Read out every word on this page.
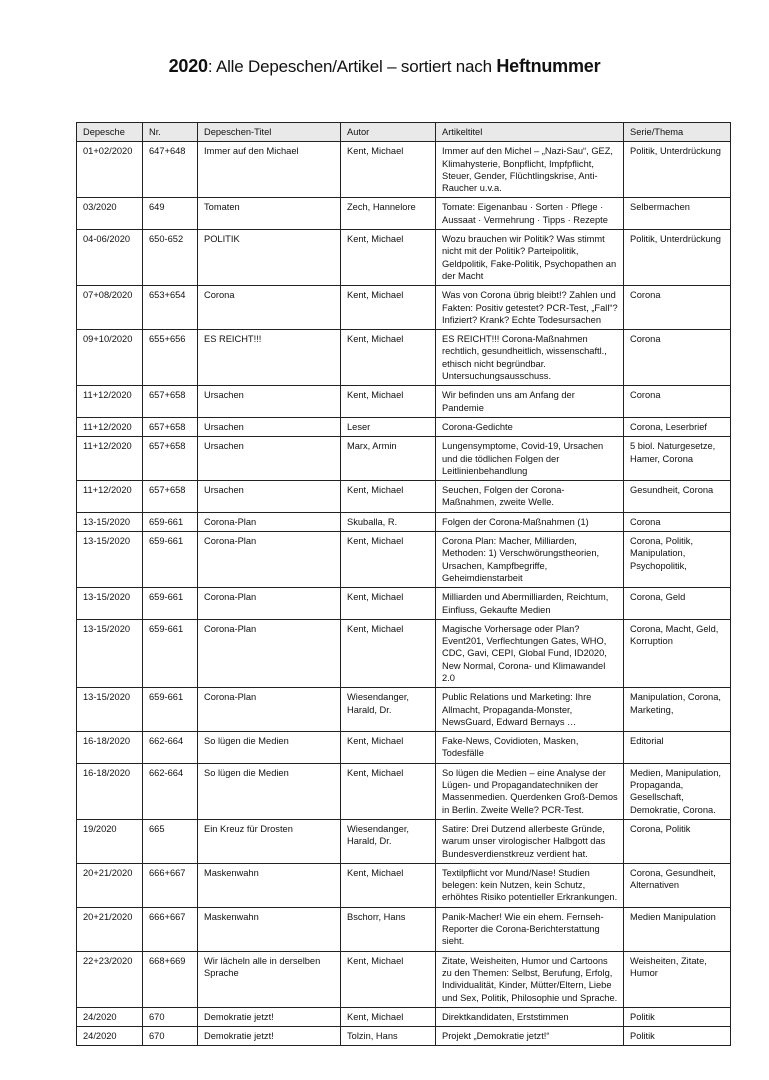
2020: Alle Depeschen/Artikel – sortiert nach Heftnummer
Depesche	Nr.	Depeschen-Titel	Autor	Artikeltitel	Serie/Thema
01+02/2020	647+648	Immer auf den Michael	Kent, Michael	Immer auf den Michel – „Nazi-Sau“, GEZ, Klimahysterie, Bonpflicht, Impfpflicht, Steuer, Gender, Flüchtlingskrise, Anti-Raucher u.v.a.	Politik, Unterdrückung
03/2020	649	Tomaten	Zech, Hannelore	Tomate: Eigenanbau · Sorten · Pflege · Aussaat · Vermehrung · Tipps · Rezepte	Selbermachen
04-06/2020	650-652	POLITIK	Kent, Michael	Wozu brauchen wir Politik? Was stimmt nicht mit der Politik? Parteipolitik, Geldpolitik, Fake-Politik, Psychopathen an der Macht	Politik, Unterdrückung
07+08/2020	653+654	Corona	Kent, Michael	Was von Corona übrig bleibt!? Zahlen und Fakten: Positiv getestet? PCR-Test, „Fall“? Infiziert? Krank? Echte Todesursachen	Corona
09+10/2020	655+656	ES REICHT!!!	Kent, Michael	ES REICHT!!! Corona-Maßnahmen rechtlich, gesundheitlich, wissenschaftl., ethisch nicht begründbar. Untersuchungsausschuss.	Corona
11+12/2020	657+658	Ursachen	Kent, Michael	Wir befinden uns am Anfang der Pandemie	Corona
11+12/2020	657+658	Ursachen	Leser	Corona-Gedichte	Corona, Leserbrief
11+12/2020	657+658	Ursachen	Marx, Armin	Lungensymptome, Covid-19, Ursachen und die tödlichen Folgen der Leitlinienbehandlung	5 biol. Naturgesetze, Hamer, Corona
11+12/2020	657+658	Ursachen	Kent, Michael	Seuchen, Folgen der Corona-Maßnahmen, zweite Welle.	Gesundheit, Corona
13-15/2020	659-661	Corona-Plan	Skuballa, R.	Folgen der Corona-Maßnahmen (1)	Corona
13-15/2020	659-661	Corona-Plan	Kent, Michael	Corona Plan: Macher, Milliarden, Methoden: 1) Verschwörungstheorien, Ursachen, Kampfbegriffe, Geheimdienstarbeit	Corona, Politik, Manipulation, Psychopolitik,
13-15/2020	659-661	Corona-Plan	Kent, Michael	Milliarden und Abermilliarden, Reichtum, Einfluss, Gekaufte Medien	Corona, Geld
13-15/2020	659-661	Corona-Plan	Kent, Michael	Magische Vorhersage oder Plan? Event201, Verflechtungen Gates, WHO, CDC, Gavi, CEPI, Global Fund, ID2020, New Normal, Corona- und Klimawandel 2.0	Corona, Macht, Geld, Korruption
13-15/2020	659-661	Corona-Plan	Wiesendanger, Harald, Dr.	Public Relations und Marketing: Ihre Allmacht, Propaganda-Monster, NewsGuard, Edward Bernays …	Manipulation, Corona, Marketing,
16-18/2020	662-664	So lügen die Medien	Kent, Michael	Fake-News, Covidioten, Masken, Todesfälle	Editorial
16-18/2020	662-664	So lügen die Medien	Kent, Michael	So lügen die Medien – eine Analyse der Lügen- und Propagandatechniken der Massenmedien. Querdenken Groß-Demos in Berlin. Zweite Welle? PCR-Test.	Medien, Manipulation, Propaganda, Gesellschaft, Demokratie, Corona.
19/2020	665	Ein Kreuz für Drosten	Wiesendanger, Harald, Dr.	Satire: Drei Dutzend allerbeste Gründe, warum unser virologischer Halbgott das Bundesverdienstkreuz verdient hat.	Corona, Politik
20+21/2020	666+667	Maskenwahn	Kent, Michael	Textilpflicht vor Mund/Nase! Studien belegen: kein Nutzen, kein Schutz, erhöhtes Risiko potentieller Erkrankungen.	Corona, Gesundheit, Alternativen
20+21/2020	666+667	Maskenwahn	Bschorr, Hans	Panik-Macher! Wie ein ehem. Fernseh-Reporter die Corona-Berichterstattung sieht.	Medien Manipulation
22+23/2020	668+669	Wir lächeln alle in derselben Sprache	Kent, Michael	Zitate, Weisheiten, Humor und Cartoons zu den Themen: Selbst, Berufung, Erfolg, Individualität, Kinder, Mütter/Eltern, Liebe und Sex, Politik, Philosophie und Sprache.	Weisheiten, Zitate, Humor
24/2020	670	Demokratie jetzt!	Kent, Michael	Direktkandidaten, Erststimmen	Politik
24/2020	670	Demokratie jetzt!	Tolzin, Hans	Projekt „Demokratie jetzt!“	Politik
